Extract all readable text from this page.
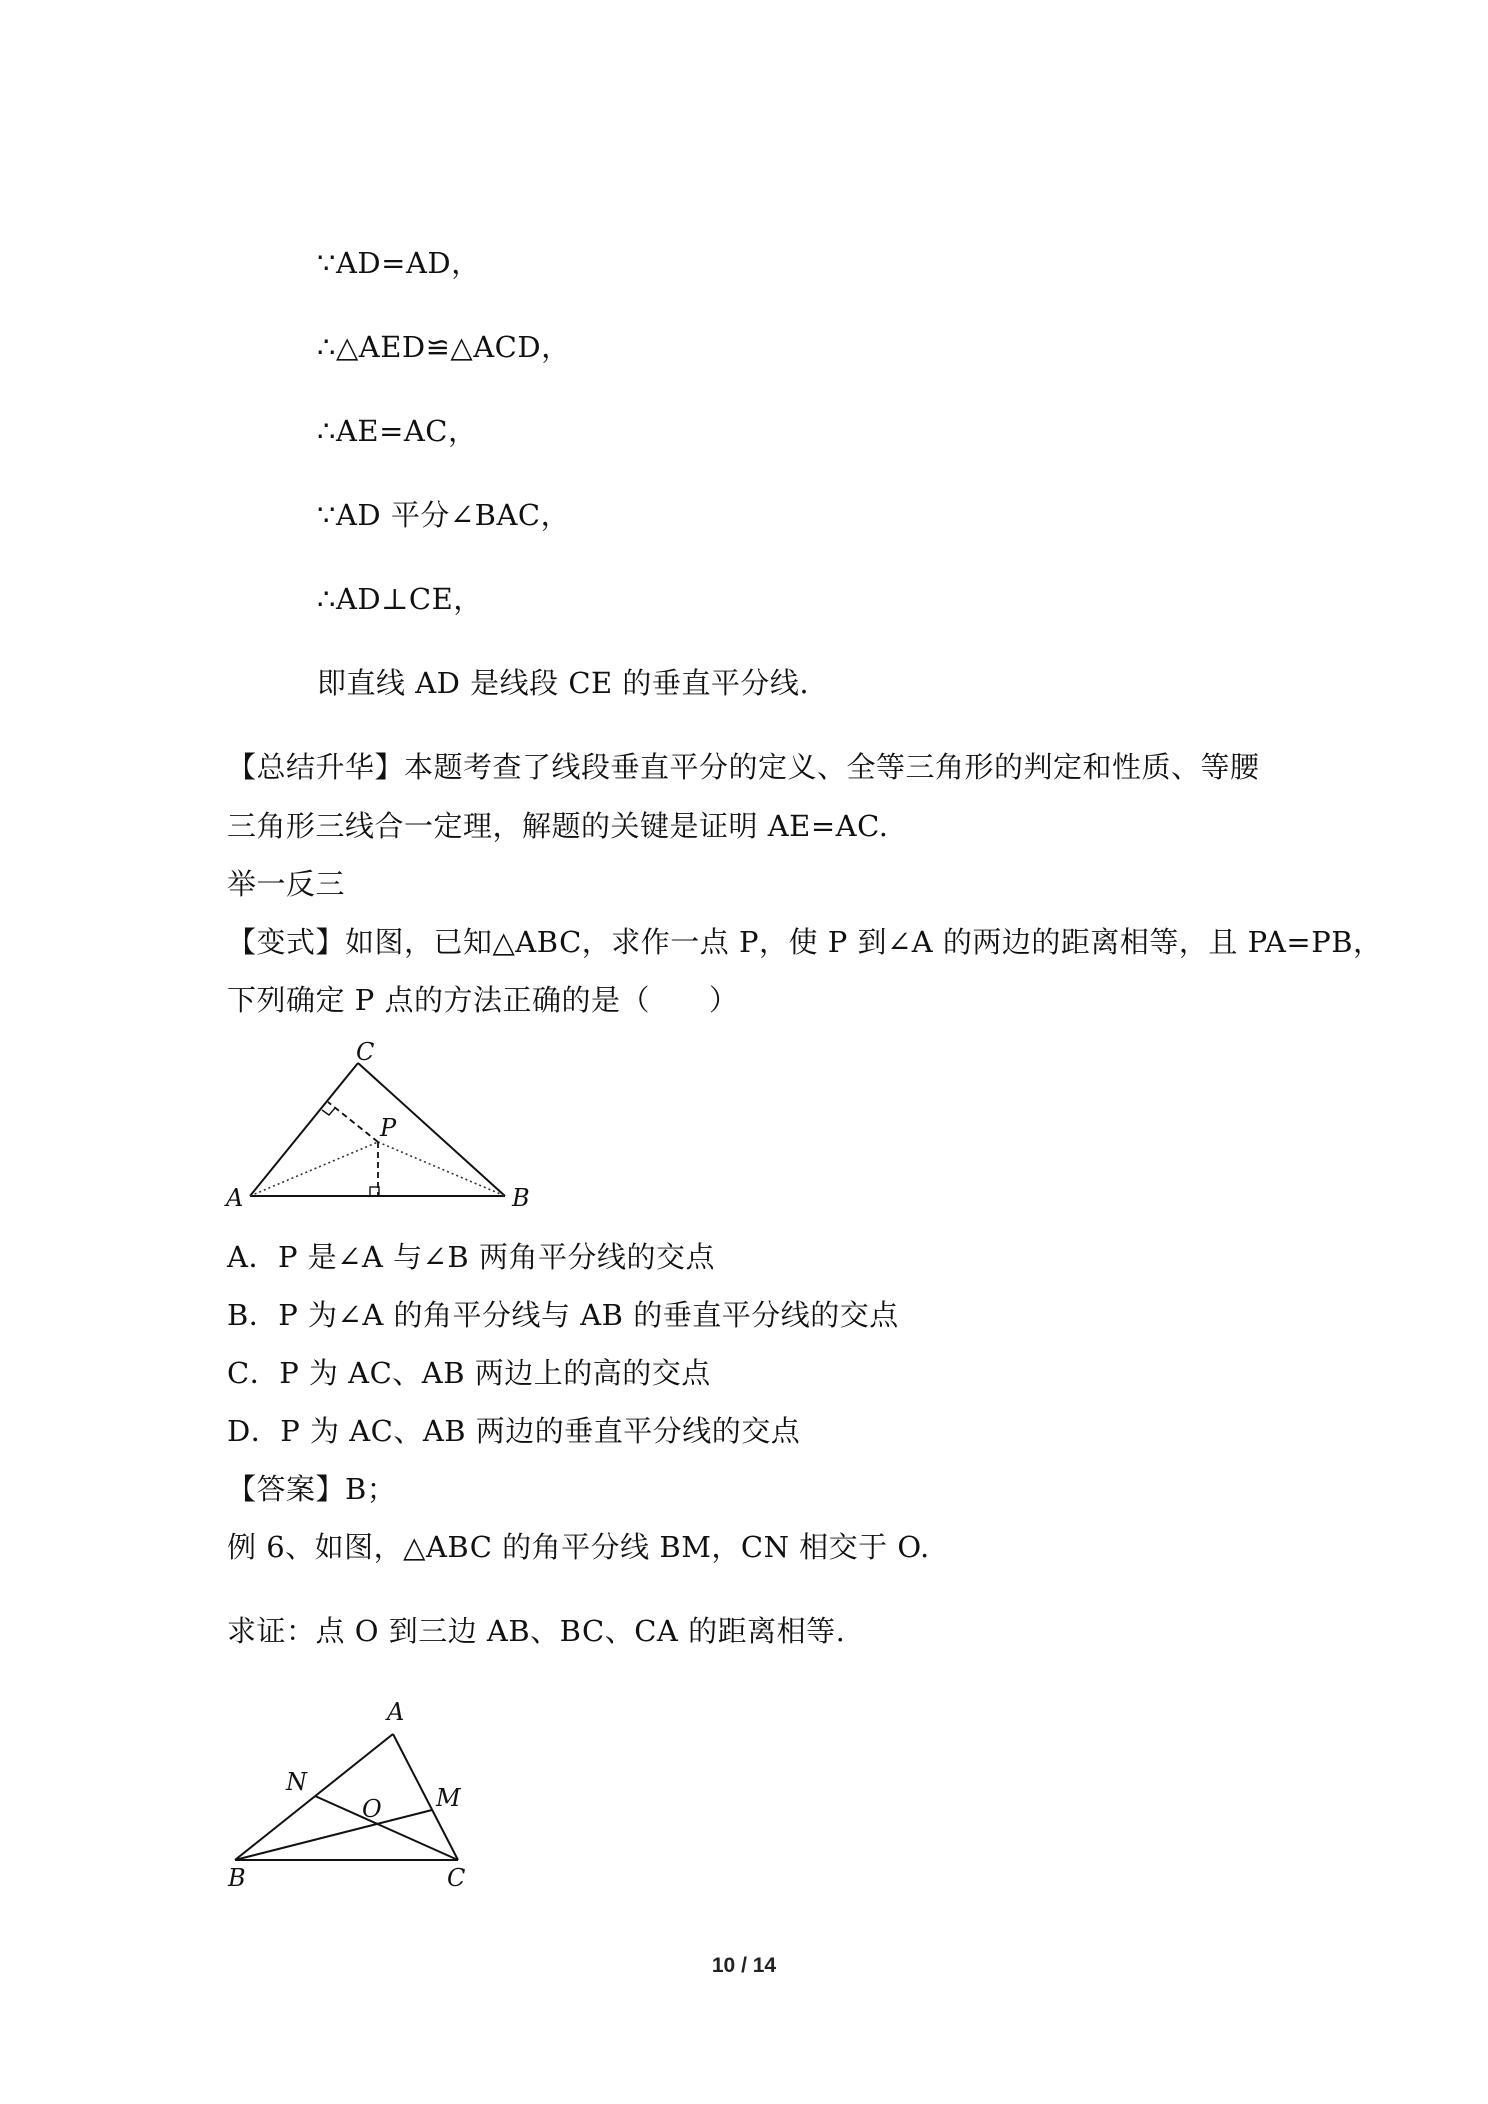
∵AD=AD，
∴△AED≌△ACD，
∴AE=AC，
∵AD 平分∠BAC，
∴AD⊥CE，
即直线 AD 是线段 CE 的垂直平分线.
【总结升华】本题考查了线段垂直平分的定义、全等三角形的判定和性质、等腰
三角形三线合一定理，解题的关键是证明 AE=AC.
举一反三
【变式】如图，已知△ABC，求作一点 P，使 P 到∠A 的两边的距离相等，且 PA=PB，
下列确定 P 点的方法正确的是（　　）
A	B
C
P
A．P 是∠A 与∠B 两角平分线的交点
B．P 为∠A 的角平分线与 AB 的垂直平分线的交点
C．P 为 AC、AB 两边上的高的交点
D．P 为 AC、AB 两边的垂直平分线的交点
【答案】B；
例 6、如图，△ABC 的角平分线 BM，CN 相交于 O.
求证：点 O 到三边 AB、BC、CA 的距离相等.
A
B	C
M
N
O
10 / 14
